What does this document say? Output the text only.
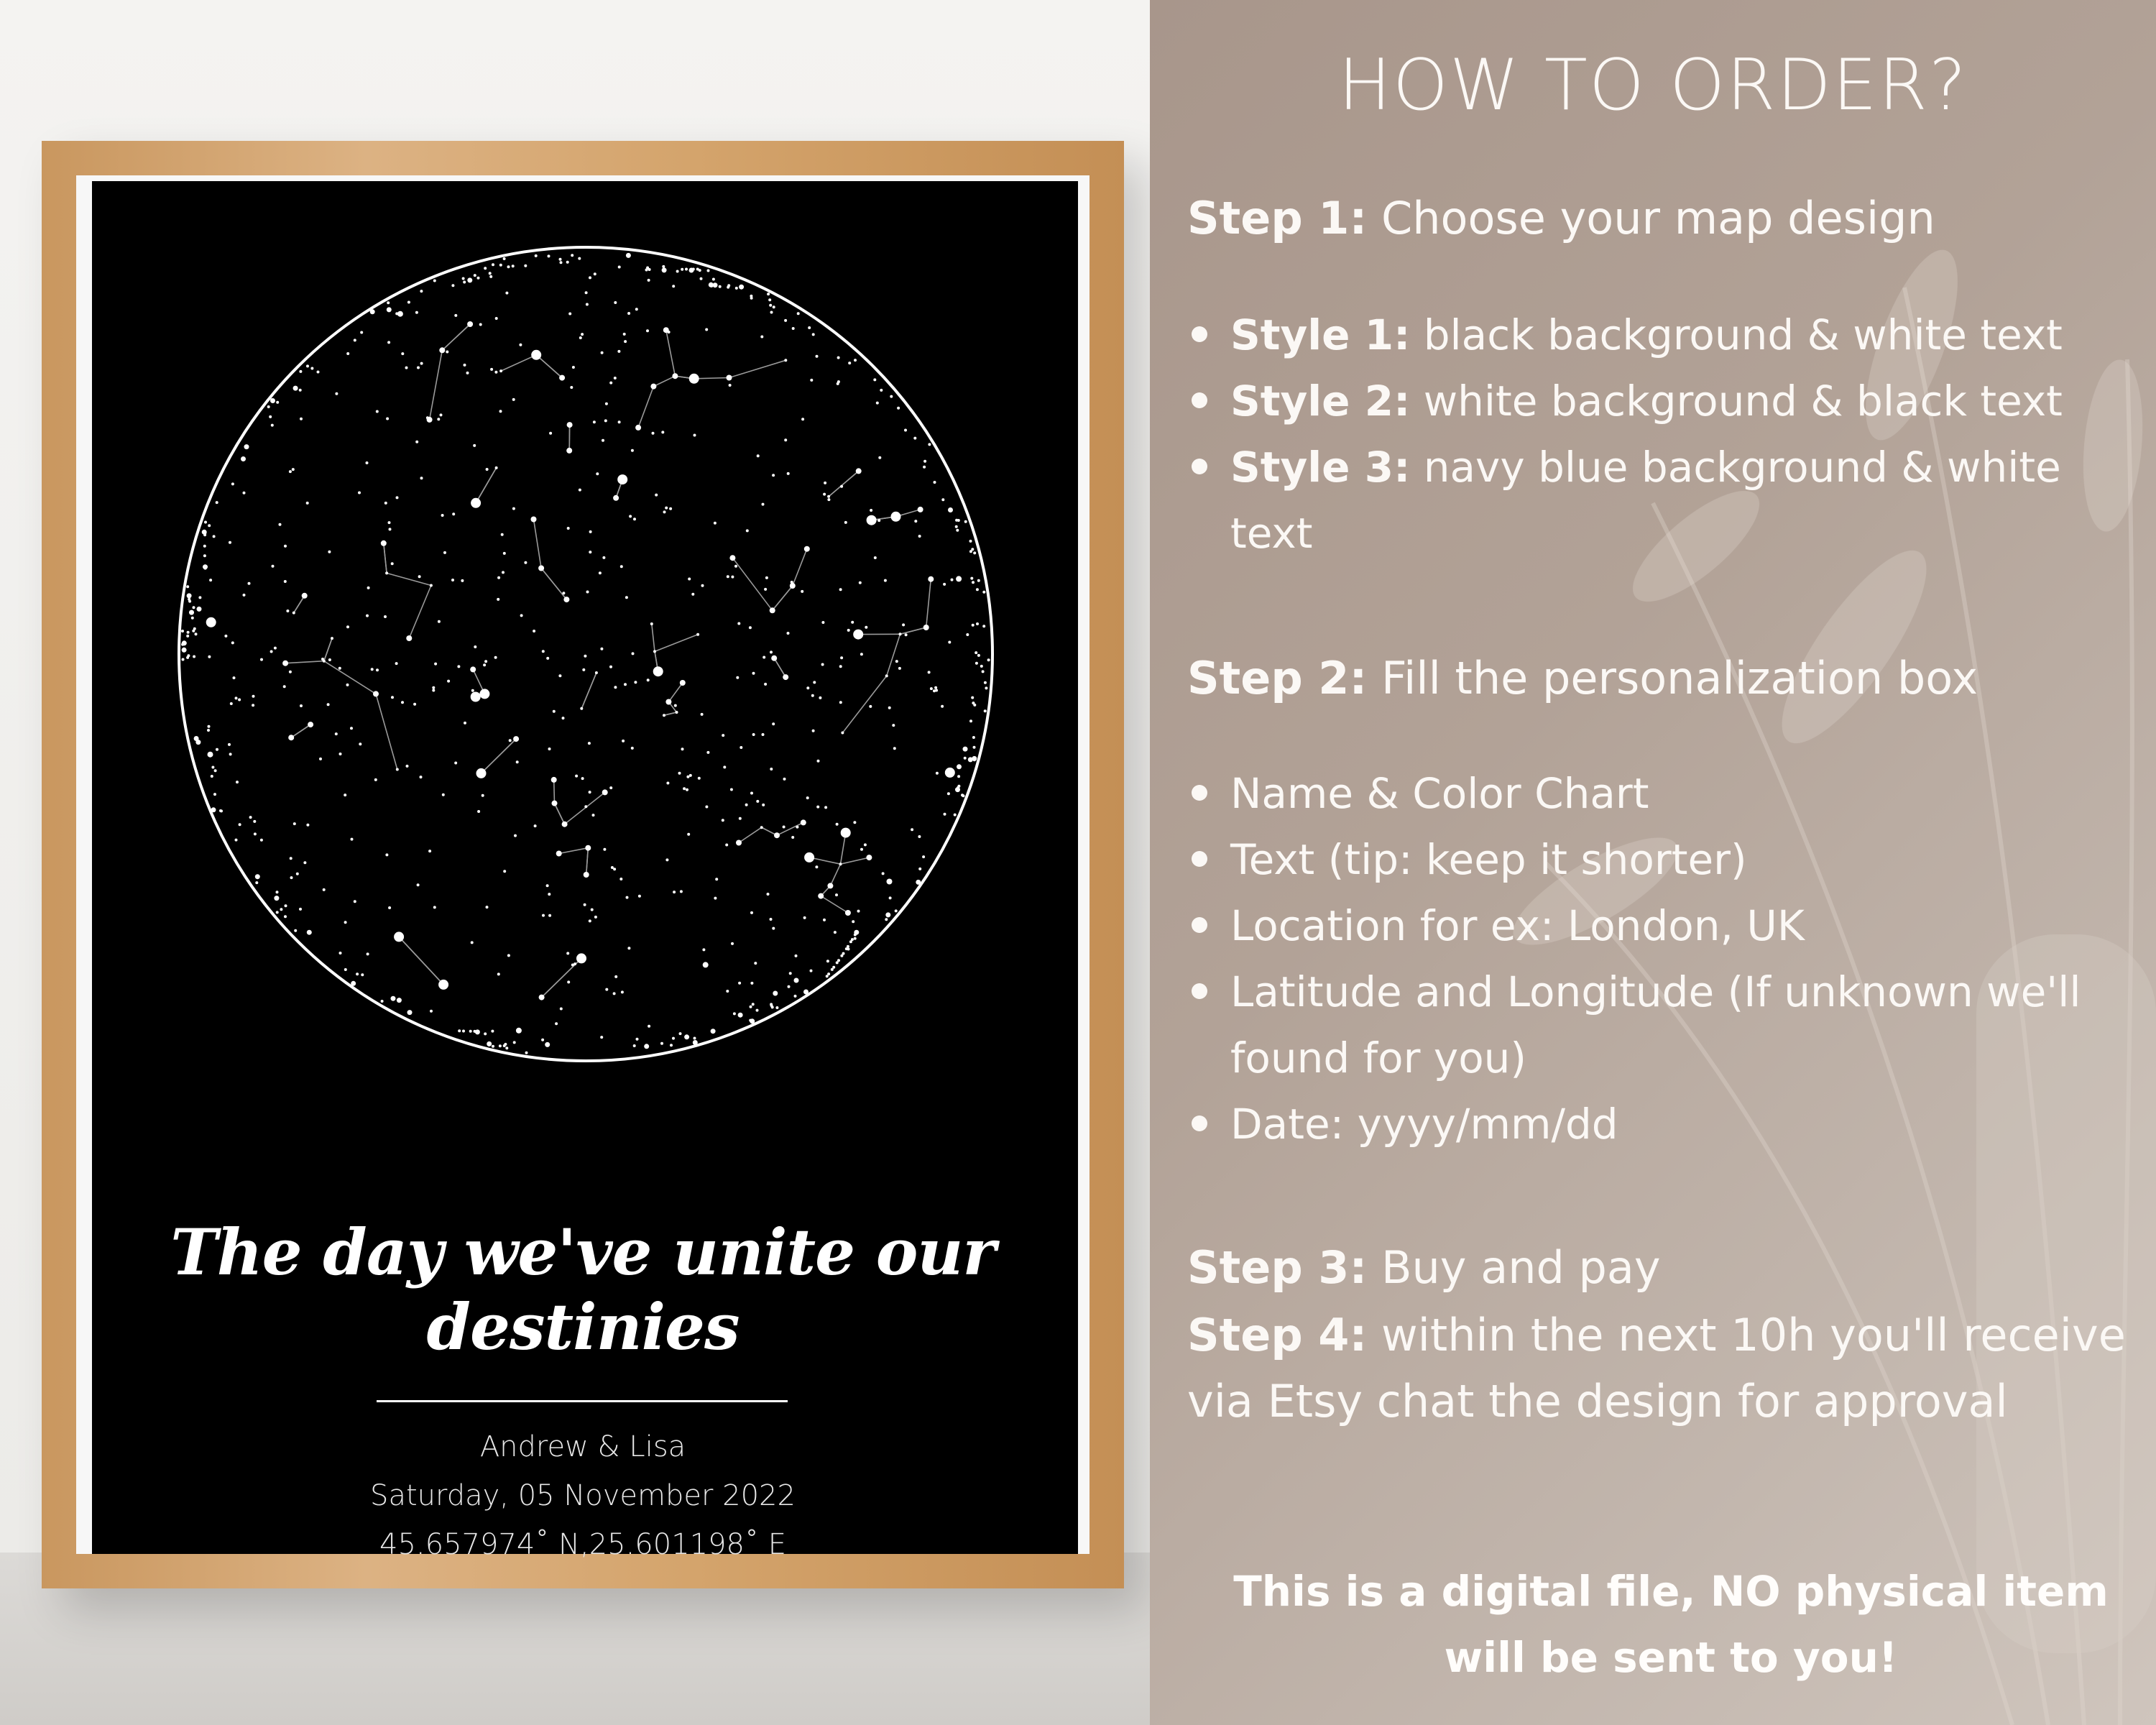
The day we've unite our destinies
Andrew & Lisa
Saturday, 05 November 2022
45.657974˚ N,25.601198˚ E
HOW TO ORDER?
Step 1: Choose your map design
Style 1: black background & white text
Style 2: white background & black text
Style 3: navy blue background & white text
Step 2: Fill the personalization box
Name & Color Chart
Text (tip: keep it shorter)
Location for ex: London, UK
Latitude and Longitude (If unknown we'll found for you)
Date: yyyy/mm/dd
Step 3: Buy and pay
Step 4: within the next 10h you'll receive via Etsy chat the design for approval
This is a digital file, NO physical item will be sent to you!
